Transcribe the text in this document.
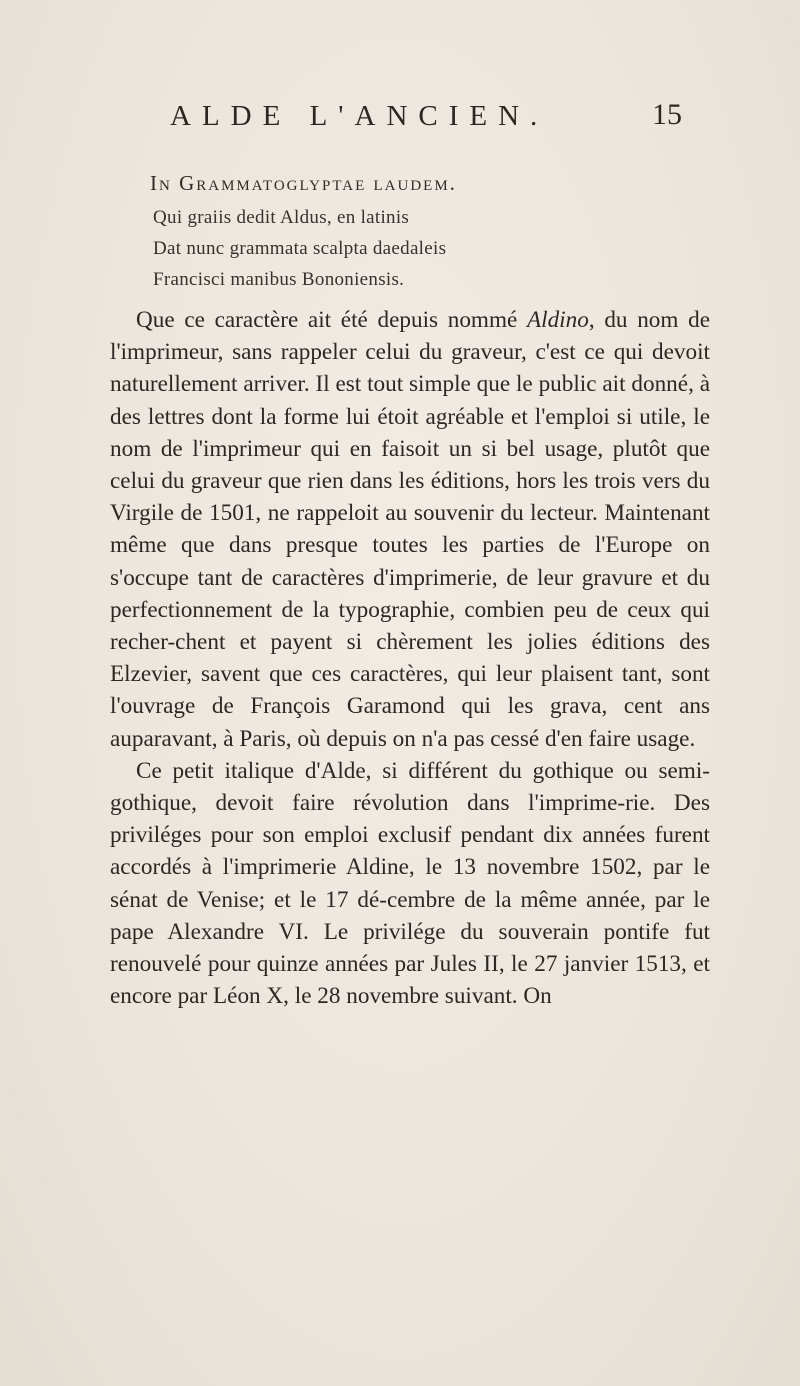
ALDE L'ANCIEN.	15
In Grammatoglyptae laudem.
Qui graiis dedit Aldus, en latinis
Dat nunc grammata scalpta daedaleis
Francisci manibus Bononiensis.

Que ce caractère ait été depuis nommé Aldino, du nom de l'imprimeur, sans rappeler celui du graveur, c'est ce qui devoit naturellement arriver. Il est tout simple que le public ait donné, à des lettres dont la forme lui étoit agréable et l'emploi si utile, le nom de l'imprimeur qui en faisoit un si bel usage, plutôt que celui du graveur que rien dans les éditions, hors les trois vers du Virgile de 1501, ne rappeloit au souvenir du lecteur. Maintenant même que dans presque toutes les parties de l'Europe on s'occupe tant de caractères d'imprimerie, de leur gravure et du perfectionnement de la typographie, combien peu de ceux qui recher-chent et payent si chèrement les jolies éditions des Elzevier, savent que ces caractères, qui leur plaisent tant, sont l'ouvrage de François Garamond qui les grava, cent ans auparavant, à Paris, où depuis on n'a pas cessé d'en faire usage.

Ce petit italique d'Alde, si différent du gothique ou semi-gothique, devoit faire révolution dans l'imprime-rie. Des priviléges pour son emploi exclusif pendant dix années furent accordés à l'imprimerie Aldine, le 13 novembre 1502, par le sénat de Venise; et le 17 dé-cembre de la même année, par le pape Alexandre VI. Le privilége du souverain pontife fut renouvelé pour quinze années par Jules II, le 27 janvier 1513, et encore par Léon X, le 28 novembre suivant. On
